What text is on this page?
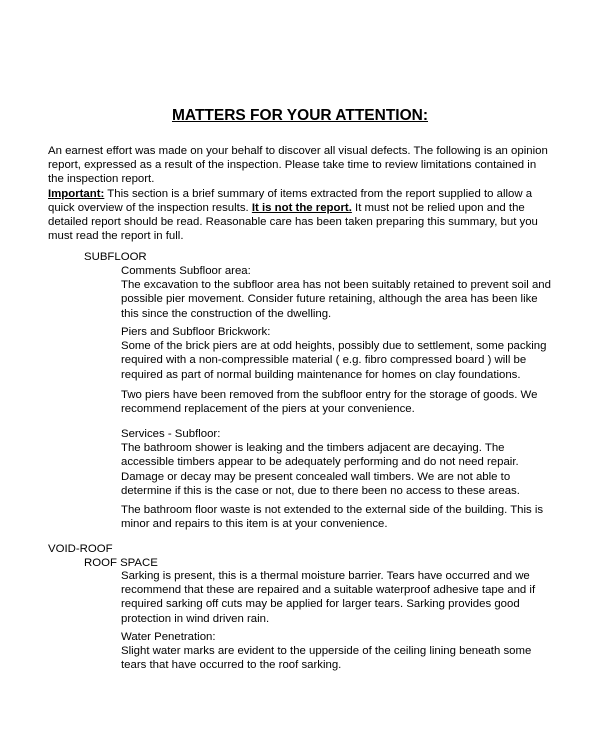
MATTERS FOR YOUR ATTENTION:
An earnest effort was made on your behalf to discover all visual defects. The following is an opinion
report, expressed as a result of the inspection. Please take time to review limitations contained in
the inspection report.
Important: This section is a brief summary of items extracted from the report supplied to allow a
quick overview of the inspection results. It is not the report. It must not be relied upon and the
detailed report should be read. Reasonable care has been taken preparing this summary, but you
must read the report in full.
SUBFLOOR
Comments Subfloor area:
The excavation to the subfloor area has not been suitably retained to prevent soil and
possible pier movement. Consider future retaining, although the area has been like
this since the construction of the dwelling.
Piers and Subfloor Brickwork:
Some of the brick piers are at odd heights, possibly due to settlement, some packing
required with a non-compressible material ( e.g. fibro compressed board ) will be
required as part of normal building maintenance for homes on clay foundations.
Two piers have been removed from the subfloor entry for the storage of goods. We
recommend replacement of the piers at your convenience.
Services - Subfloor:
The bathroom shower is leaking and the timbers adjacent are decaying. The
accessible timbers appear to be adequately performing and do not need repair.
Damage or decay may be present concealed wall timbers. We are not able to
determine if this is the case or not, due to there been no access to these areas.
The bathroom floor waste is not extended to the external side of the building. This is
minor and repairs to this item is at your convenience.
VOID-ROOF
ROOF SPACE
Sarking is present, this is a thermal moisture barrier. Tears have occurred and we
recommend that these are repaired and a suitable waterproof adhesive tape and if
required sarking off cuts may be applied for larger tears. Sarking provides good
protection in wind driven rain.
Water Penetration:
Slight water marks are evident to the upperside of the ceiling lining beneath some
tears that have occurred to the roof sarking.
